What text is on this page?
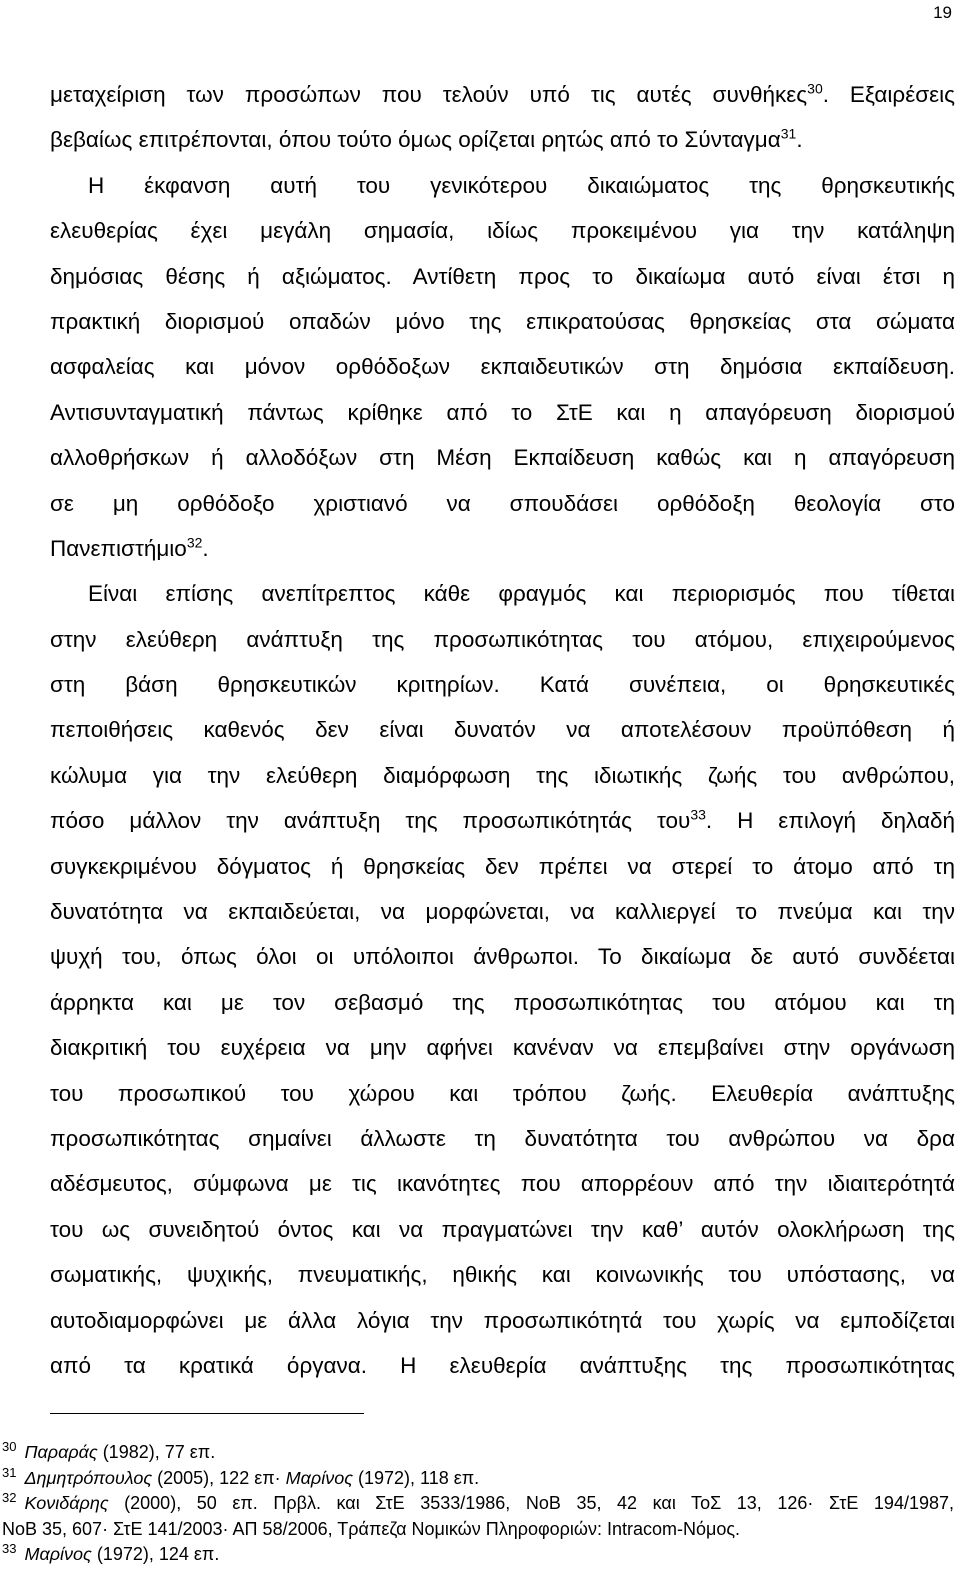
19
μεταχείριση των προσώπων που τελούν υπό τις αυτές συνθήκες$^{30}$. Εξαιρέσεις
βεβαίως επιτρέπονται, όπου τούτο όμως ορίζεται ρητώς από το Σύνταγμα$^{31}$.
Η έκφανση αυτή του γενικότερου δικαιώματος της θρησκευτικής
ελευθερίας έχει μεγάλη σημασία, ιδίως προκειμένου για την κατάληψη
δημόσιας θέσης ή αξιώματος. Αντίθετη προς το δικαίωμα αυτό είναι έτσι η
πρακτική διορισμού οπαδών μόνο της επικρατούσας θρησκείας στα σώματα
ασφαλείας και μόνον ορθόδοξων εκπαιδευτικών στη δημόσια εκπαίδευση.
Αντισυνταγματική πάντως κρίθηκε από το ΣτΕ και η απαγόρευση διορισμού
αλλοθρήσκων ή αλλοδόξων στη Μέση Εκπαίδευση καθώς και η απαγόρευση
σε μη ορθόδοξο χριστιανό να σπουδάσει ορθόδοξη θεολογία στο
Πανεπιστήμιο$^{32}$.
Είναι επίσης ανεπίτρεπτος κάθε φραγμός και περιορισμός που τίθεται
στην ελεύθερη ανάπτυξη της προσωπικότητας του ατόμου, επιχειρούμενος
στη βάση θρησκευτικών κριτηρίων. Κατά συνέπεια, οι θρησκευτικές
πεποιθήσεις καθενός δεν είναι δυνατόν να αποτελέσουν προϋπόθεση ή
κώλυμα για την ελεύθερη διαμόρφωση της ιδιωτικής ζωής του ανθρώπου,
πόσο μάλλον την ανάπτυξη της προσωπικότητάς του$^{33}$. Η επιλογή δηλαδή
συγκεκριμένου δόγματος ή θρησκείας δεν πρέπει να στερεί το άτομο από τη
δυνατότητα να εκπαιδεύεται, να μορφώνεται, να καλλιεργεί το πνεύμα και την
ψυχή του, όπως όλοι οι υπόλοιποι άνθρωποι. Το δικαίωμα δε αυτό συνδέεται
άρρηκτα και με τον σεβασμό της προσωπικότητας του ατόμου και τη
διακριτική του ευχέρεια να μην αφήνει κανέναν να επεμβαίνει στην οργάνωση
του προσωπικού του χώρου και τρόπου ζωής. Ελευθερία ανάπτυξης
προσωπικότητας σημαίνει άλλωστε τη δυνατότητα του ανθρώπου να δρα
αδέσμευτος, σύμφωνα με τις ικανότητες που απορρέουν από την ιδιαιτερότητά
του ως συνειδητού όντος και να πραγματώνει την καθ’ αυτόν ολοκλήρωση της
σωματικής, ψυχικής, πνευματικής, ηθικής και κοινωνικής του υπόστασης, να
αυτοδιαμορφώνει με άλλα λόγια την προσωπικότητά του χωρίς να εμποδίζεται
από τα κρατικά όργανα. Η ελευθερία ανάπτυξης της προσωπικότητας
$^{30}$ Παραράς (1982), 77 επ.
$^{31}$ Δημητρόπουλος (2005), 122 επ· Μαρίνος (1972), 118 επ.
$^{32}$ Κονιδάρης (2000), 50 επ. Πρβλ. και ΣτΕ 3533/1986, ΝοΒ 35, 42 και ΤοΣ 13, 126· ΣτΕ 194/1987,
ΝοΒ 35, 607· ΣτΕ 141/2003· ΑΠ 58/2006, Τράπεζα Νομικών Πληροφοριών: Intracom-Νόμος.
$^{33}$ Μαρίνος (1972), 124 επ.
